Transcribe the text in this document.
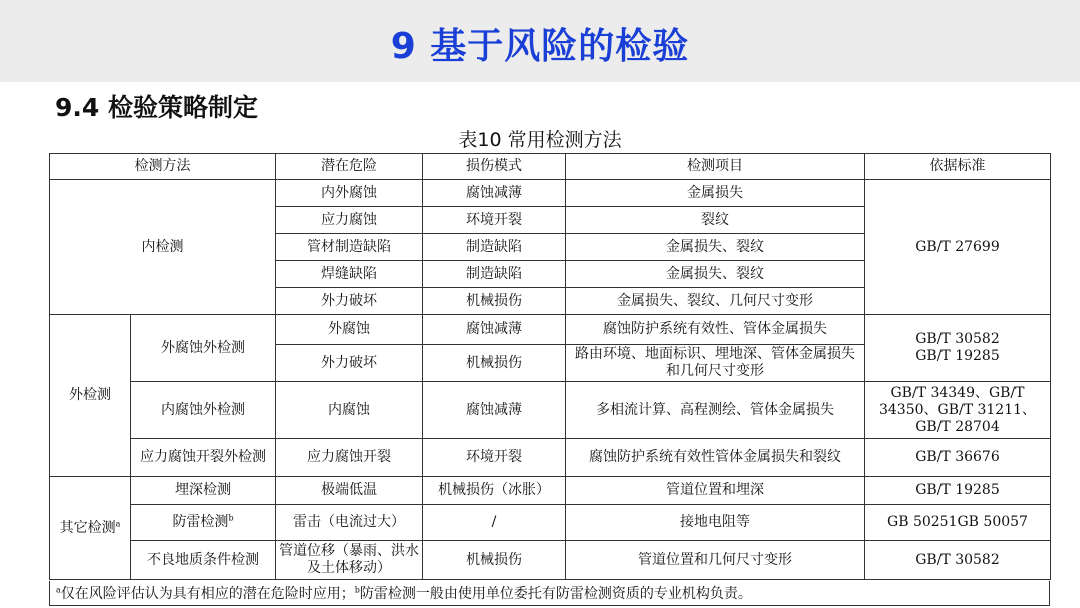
9 基于风险的检验
9.4 检验策略制定
表10 常用检测方法
检测方法		潜在危险	损伤模式	检测项目	依据标准
内检测		内外腐蚀	腐蚀减薄	金属损失	GB/T 27699
		应力腐蚀	环境开裂	裂纹	
		管材制造缺陷	制造缺陷	金属损失、裂纹	
		焊缝缺陷	制造缺陷	金属损失、裂纹	
		外力破坏	机械损伤	金属损失、裂纹、几何尺寸变形	
外检测	外腐蚀外检测	外腐蚀	腐蚀减薄	腐蚀防护系统有效性、管体金属损失	GB/T 30582
GB/T 19285

		外力破坏	机械损伤	路由环境、地面标识、埋地深、管体金属损失和几何尺寸变形	
	内腐蚀外检测	内腐蚀	腐蚀减薄	多相流计算、高程测绘、管体金属损失	GB/T 34349、GB/T 34350、GB/T 31211、GB/T 28704
	应力腐蚀开裂外检测	应力腐蚀开裂	环境开裂	腐蚀防护系统有效性管体金属损失和裂纹	GB/T 36676
其它检测$^a$	埋深检测	极端低温	机械损伤（冰胀）	管道位置和埋深	GB/T 19285
	防雷检测$^b$	雷击（电流过大）	/	接地电阻等	GB 50251GB 50057
	不良地质条件检测	管道位移（暴雨、洪水及土体移动）	机械损伤	管道位置和几何尺寸变形	GB/T 30582
$^a$仅在风险评估认为具有相应的潜在危险时应用；$^b$防雷检测一般由使用单位委托有防雷检测资质的专业机构负责。
